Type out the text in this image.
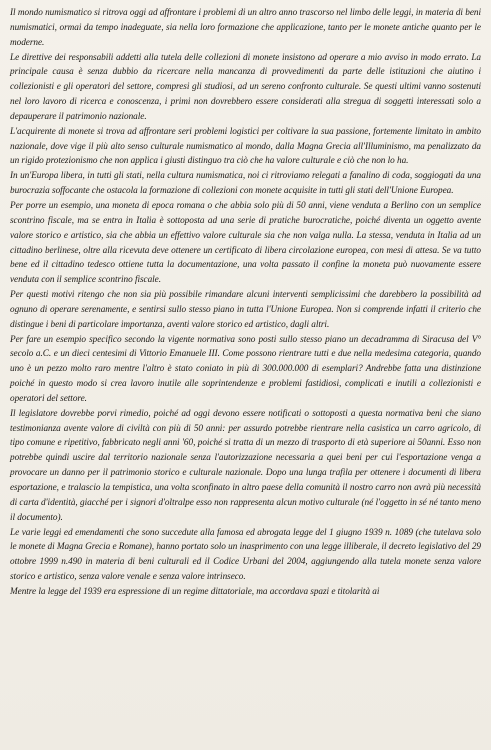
Il mondo numismatico si ritrova oggi ad affrontare i problemi di un altro anno trascorso nel limbo delle leggi, in materia di beni numismatici, ormai da tempo inadeguate, sia nella loro formazione che applicazione, tanto per le monete antiche quanto per le moderne.

Le direttive dei responsabili addetti alla tutela delle collezioni di monete insistono ad operare a mio avviso in modo errato. La principale causa è senza dubbio da ricercare nella mancanza di provvedimenti da parte delle istituzioni che aiutino i collezionisti e gli operatori del settore, compresi gli studiosi, ad un sereno confronto culturale. Se questi ultimi vanno sostenuti nel loro lavoro di ricerca e conoscenza, i primi non dovrebbero essere considerati alla stregua di soggetti interessati solo a depauperare il patrimonio nazionale.

L'acquirente di monete si trova ad affrontare seri problemi logistici per coltivare la sua passione, fortemente limitato in ambito nazionale, dove vige il più alto senso culturale numismatico al mondo, dalla Magna Grecia all'Illuminismo, ma penalizzato da un rigido protezionismo che non applica i giusti distinguo tra ciò che ha valore culturale e ciò che non lo ha.

In un'Europa libera, in tutti gli stati, nella cultura numismatica, noi ci ritroviamo relegati a fanalino di coda, soggiogati da una burocrazia soffocante che ostacola la formazione di collezioni con monete acquisite in tutti gli stati dell'Unione Europea.

Per porre un esempio, una moneta di epoca romana o che abbia solo più di 50 anni, viene venduta a Berlino con un semplice scontrino fiscale, ma se entra in Italia è sottoposta ad una serie di pratiche burocratiche, poiché diventa un oggetto avente valore storico e artistico, sia che abbia un effettivo valore culturale sia che non valga nulla. La stessa, venduta in Italia ad un cittadino berlinese, oltre alla ricevuta deve ottenere un certificato di libera circolazione europea, con mesi di attesa. Se va tutto bene ed il cittadino tedesco ottiene tutta la documentazione, una volta passato il confine la moneta può nuovamente essere venduta con il semplice scontrino fiscale.

Per questi motivi ritengo che non sia più possibile rimandare alcuni interventi semplicissimi che darebbero la possibilità ad ognuno di operare serenamente, e sentirsi sullo stesso piano in tutta l'Unione Europea. Non si comprende infatti il criterio che distingue i beni di particolare importanza, aventi valore storico ed artistico, dagli altri.

Per fare un esempio specifico secondo la vigente normativa sono posti sullo stesso piano un decadramma di Siracusa del V° secolo a.C. e un dieci centesimi di Vittorio Emanuele III. Come possono rientrare tutti e due nella medesima categoria, quando uno è un pezzo molto raro mentre l'altro è stato coniato in più di 300.000.000 di esemplari? Andrebbe fatta una distinzione poiché in questo modo si crea lavoro inutile alle soprintendenze e problemi fastidiosi, complicati e inutili a collezionisti e operatori del settore.

Il legislatore dovrebbe porvi rimedio, poiché ad oggi devono essere notificati o sottoposti a questa normativa beni che siano testimonianza avente valore di civiltà con più di 50 anni: per assurdo potrebbe rientrare nella casistica un carro agricolo, di tipo comune e ripetitivo, fabbricato negli anni '60, poiché si tratta di un mezzo di trasporto di età superiore ai 50anni. Esso non potrebbe quindi uscire dal territorio nazionale senza l'autorizzazione necessaria a quei beni per cui l'esportazione venga a provocare un danno per il patrimonio storico e culturale nazionale. Dopo una lunga trafila per ottenere i documenti di libera esportazione, e tralascio la tempistica, una volta sconfinato in altro paese della comunità il nostro carro non avrà più necessità di carta d'identità, giacché per i signori d'oltralpe esso non rappresenta alcun motivo culturale (né l'oggetto in sé né tanto meno il documento).

Le varie leggi ed emendamenti che sono succedute alla famosa ed abrogata legge del 1 giugno 1939 n. 1089 (che tutelava solo le monete di Magna Grecia e Romane), hanno portato solo un inasprimento con una legge illiberale, il decreto legislativo del 29 ottobre 1999 n.490 in materia di beni culturali ed il Codice Urbani del 2004, aggiungendo alla tutela monete senza valore storico e artistico, senza valore venale e senza valore intrinseco.

Mentre la legge del 1939 era espressione di un regime dittatoriale, ma accordava spazi e titolarità ai
